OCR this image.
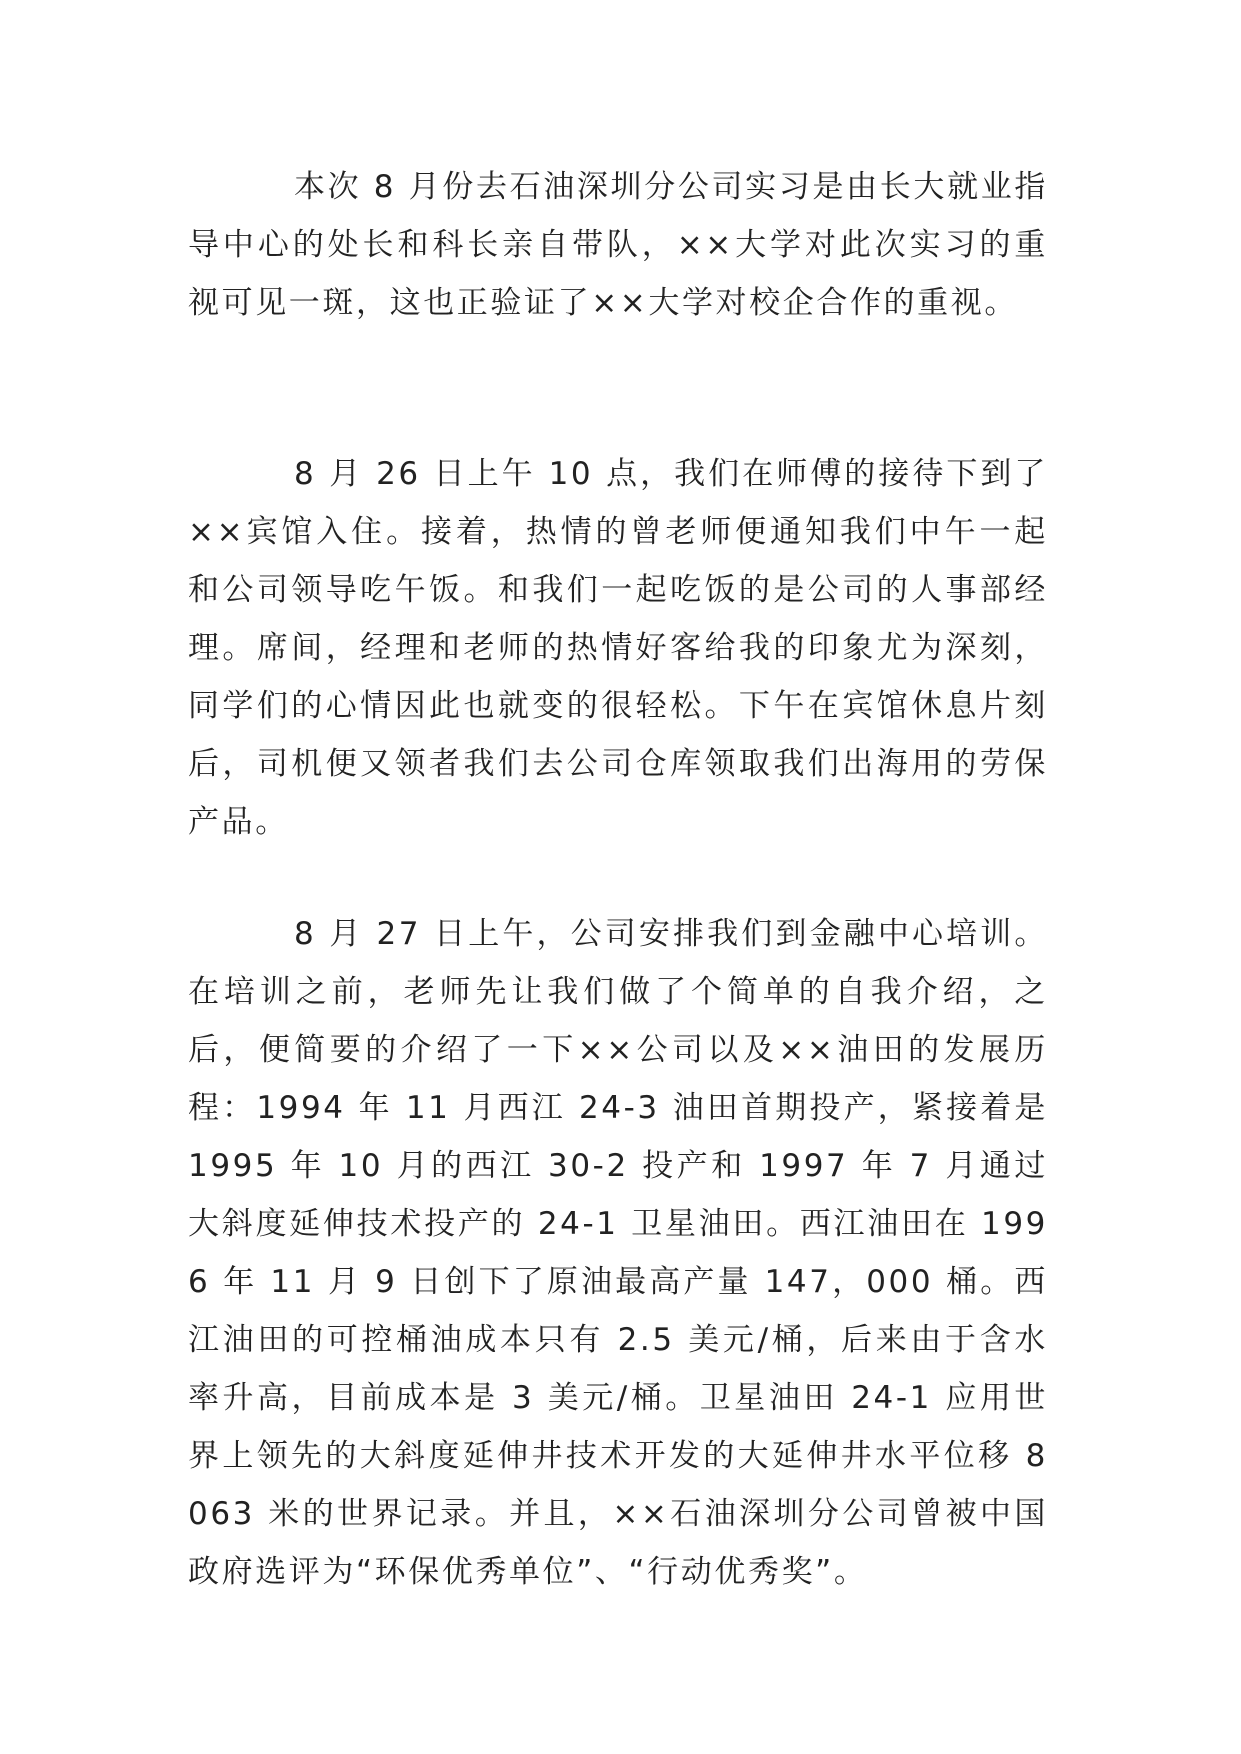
本次 8 月份去石油深圳分公司实习是由长大就业指导中心的处长和科长亲自带队，××大学对此次实习的重视可见一斑，这也正验证了××大学对校企合作的重视。

8 月 26 日上午 10 点，我们在师傅的接待下到了××宾馆入住。接着，热情的曾老师便通知我们中午一起和公司领导吃午饭。和我们一起吃饭的是公司的人事部经理。席间，经理和老师的热情好客给我的印象尤为深刻，同学们的心情因此也就变的很轻松。下午在宾馆休息片刻后，司机便又领者我们去公司仓库领取我们出海用的劳保产品。

8 月 27 日上午，公司安排我们到金融中心培训。在培训之前，老师先让我们做了个简单的自我介绍，之后，便简要的介绍了一下××公司以及××油田的发展历程：1994 年 11 月西江 24-3 油田首期投产，紧接着是 1995 年 10 月的西江 30-2 投产和 1997 年 7 月通过大斜度延伸技术投产的 24-1 卫星油田。西江油田在 1996 年 11 月 9 日创下了原油最高产量 147，000 桶。西江油田的可控桶油成本只有 2.5 美元/桶，后来由于含水率升高，目前成本是 3 美元/桶。卫星油田 24-1 应用世界上领先的大斜度延伸井技术开发的大延伸井水平位移 8063 米的世界记录。并且，××石油深圳分公司曾被中国政府选评为“环保优秀单位”、“行动优秀奖”。
